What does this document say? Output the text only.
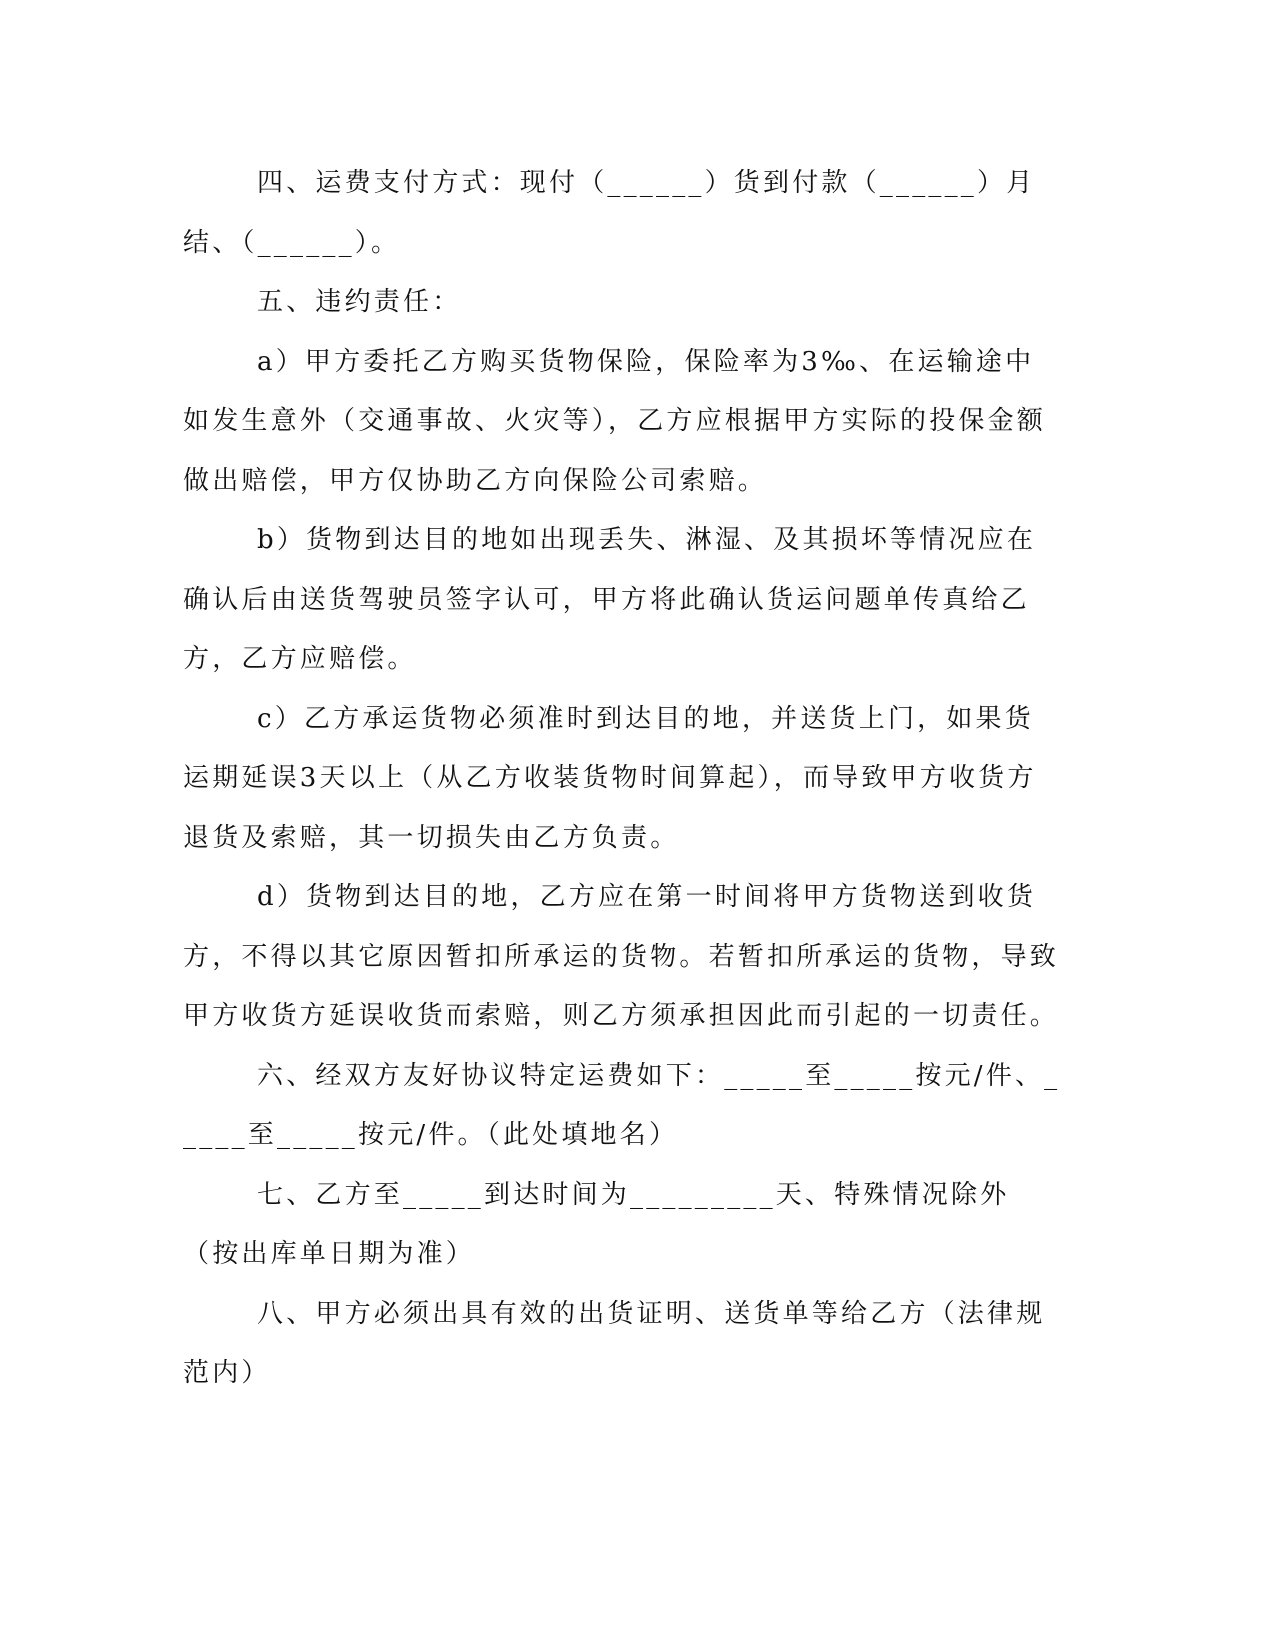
四、运费支付方式：现付（______）货到付款（______）月结、（______）。

五、违约责任：

a）甲方委托乙方购买货物保险，保险率为3‰、在运输途中如发生意外（交通事故、火灾等），乙方应根据甲方实际的投保金额做出赔偿，甲方仅协助乙方向保险公司索赔。

b）货物到达目的地如出现丢失、淋湿、及其损坏等情况应在确认后由送货驾驶员签字认可，甲方将此确认货运问题单传真给乙方，乙方应赔偿。

c）乙方承运货物必须准时到达目的地，并送货上门，如果货运期延误3天以上（从乙方收装货物时间算起），而导致甲方收货方退货及索赔，其一切损失由乙方负责。

d）货物到达目的地，乙方应在第一时间将甲方货物送到收货方，不得以其它原因暂扣所承运的货物。若暂扣所承运的货物，导致甲方收货方延误收货而索赔，则乙方须承担因此而引起的一切责任。

六、经双方友好协议特定运费如下：_____至_____按元/件、_____至_____按元/件。（此处填地名）

七、乙方至_____到达时间为_________天、特殊情况除外（按出库单日期为准）

八、甲方必须出具有效的出货证明、送货单等给乙方（法律规范内）
